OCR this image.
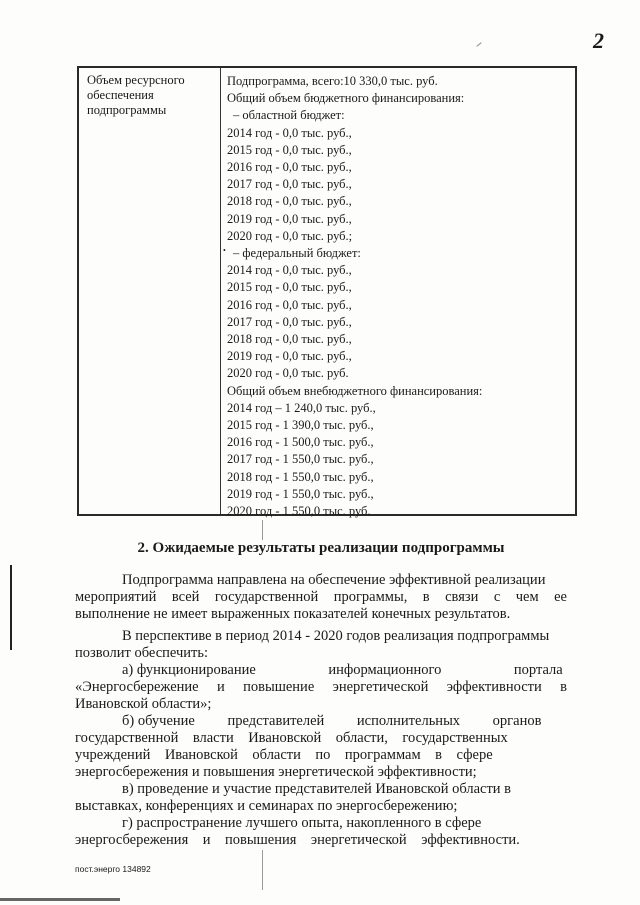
2
Объем ресурсного обеспечения подпрограммы
•
Подпрограмма, всего:10 330,0 тыс. руб.
Общий объем бюджетного финансирования:
– областной бюджет:
2014 год - 0,0 тыс. руб.,
2015 год - 0,0 тыс. руб.,
2016 год - 0,0 тыс. руб.,
2017 год - 0,0 тыс. руб.,
2018 год - 0,0 тыс. руб.,
2019 год - 0,0 тыс. руб.,
2020 год - 0,0 тыс. руб.;
– федеральный бюджет:
2014 год - 0,0 тыс. руб.,
2015 год - 0,0 тыс. руб.,
2016 год - 0,0 тыс. руб.,
2017 год - 0,0 тыс. руб.,
2018 год - 0,0 тыс. руб.,
2019 год - 0,0 тыс. руб.,
2020 год - 0,0 тыс. руб.
Общий объем внебюджетного финансирования:
2014 год – 1 240,0 тыс. руб.,
2015 год - 1 390,0 тыс. руб.,
2016 год - 1 500,0 тыс. руб.,
2017 год - 1 550,0 тыс. руб.,
2018 год - 1 550,0 тыс. руб.,
2019 год - 1 550,0 тыс. руб.,
2020 год - 1 550,0 тыс. руб.
2. Ожидаемые результаты реализации подпрограммы
Подпрограмма направлена на обеспечение эффективной реализации
мероприятий всей государственной программы, в связи с чем ее
выполнение не имеет выраженных показателей конечных результатов.
В перспективе в период 2014 - 2020 годов реализация подпрограммы
позволит обеспечить:
а) функционирование                    информационного                    портала
«Энергосбережение и повышение энергетической эффективности в
Ивановской области»;
б) обучение         представителей         исполнительных         органов
государственной    власти    Ивановской    области,    государственных
учреждений    Ивановской    области    по    программам    в    сфере
энергосбережения и повышения энергетической эффективности;
в) проведение и участие представителей Ивановской области в
выставках, конференциях и семинарах по энергосбережению;
г) распространение лучшего опыта, накопленного в сфере
энергосбережения    и    повышения    энергетической    эффективности.
пост.энерго 134892
